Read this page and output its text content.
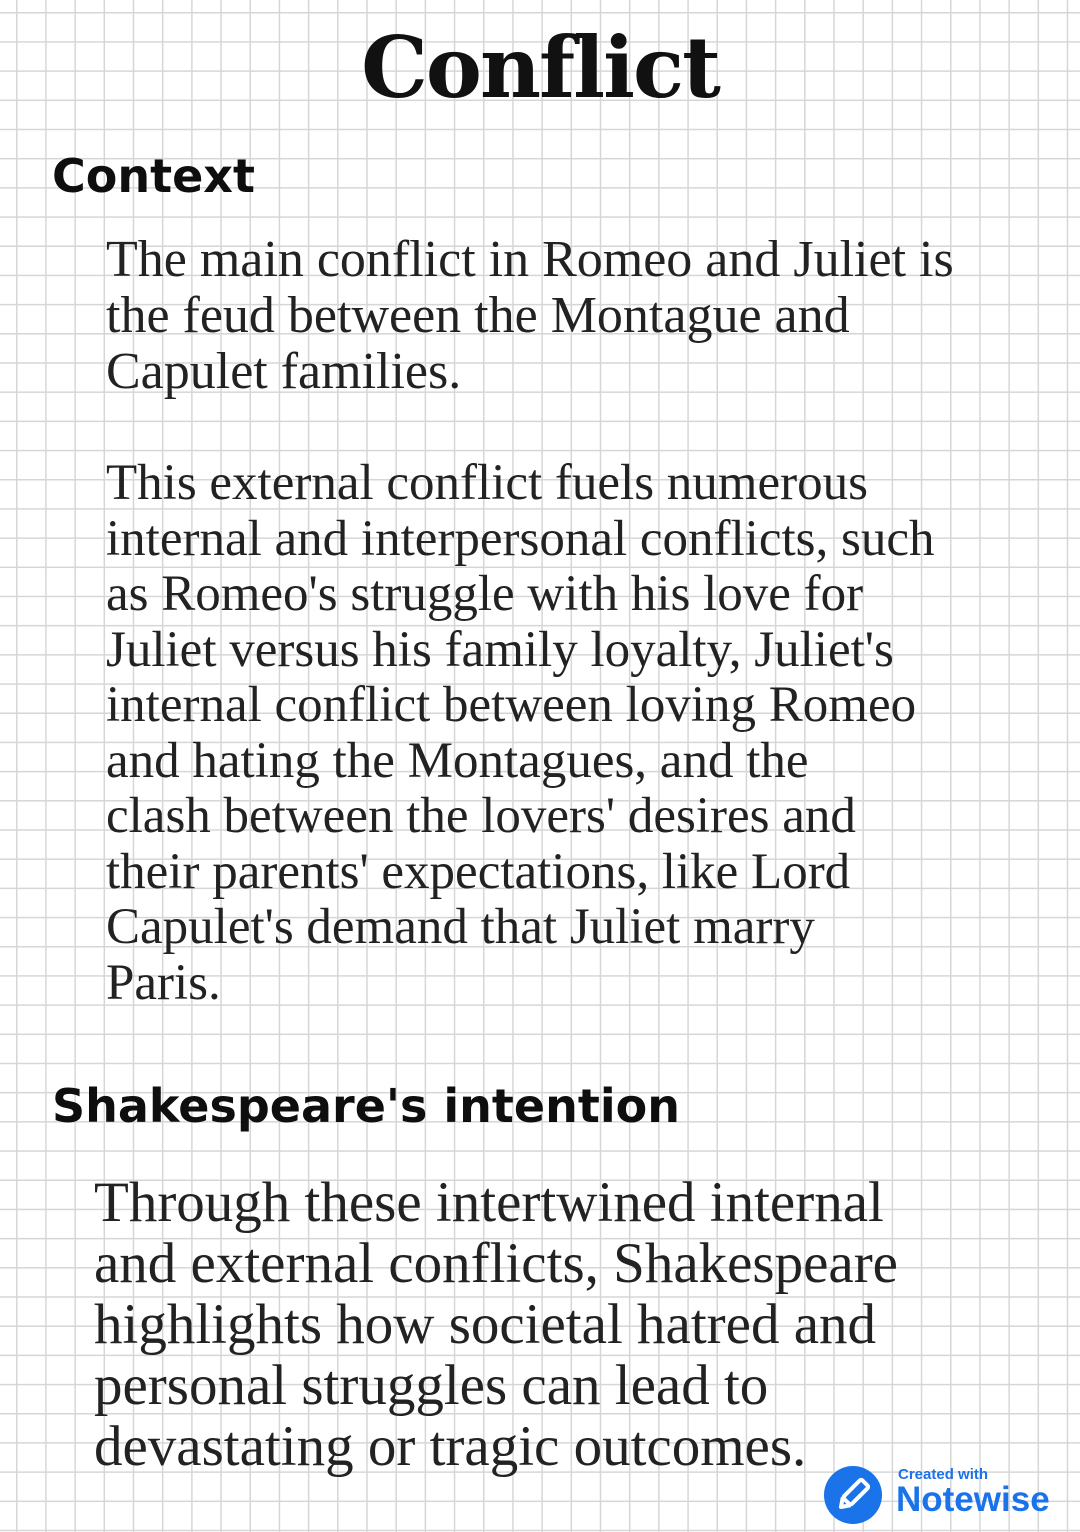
Conflict
Context

The main conflict in Romeo and Juliet is
the feud between the Montague and
Capulet families.

This external conflict fuels numerous
internal and interpersonal conflicts, such
as Romeo's struggle with his love for
Juliet versus his family loyalty, Juliet's
internal conflict between loving Romeo
and hating the Montagues, and the
clash between the lovers' desires and
their parents' expectations, like Lord
Capulet's demand that Juliet marry
Paris.

Shakespeare's intention

Through these intertwined internal
and external conflicts, Shakespeare
highlights how societal hatred and
personal struggles can lead to
devastating or tragic outcomes.	Created with
Notewise
